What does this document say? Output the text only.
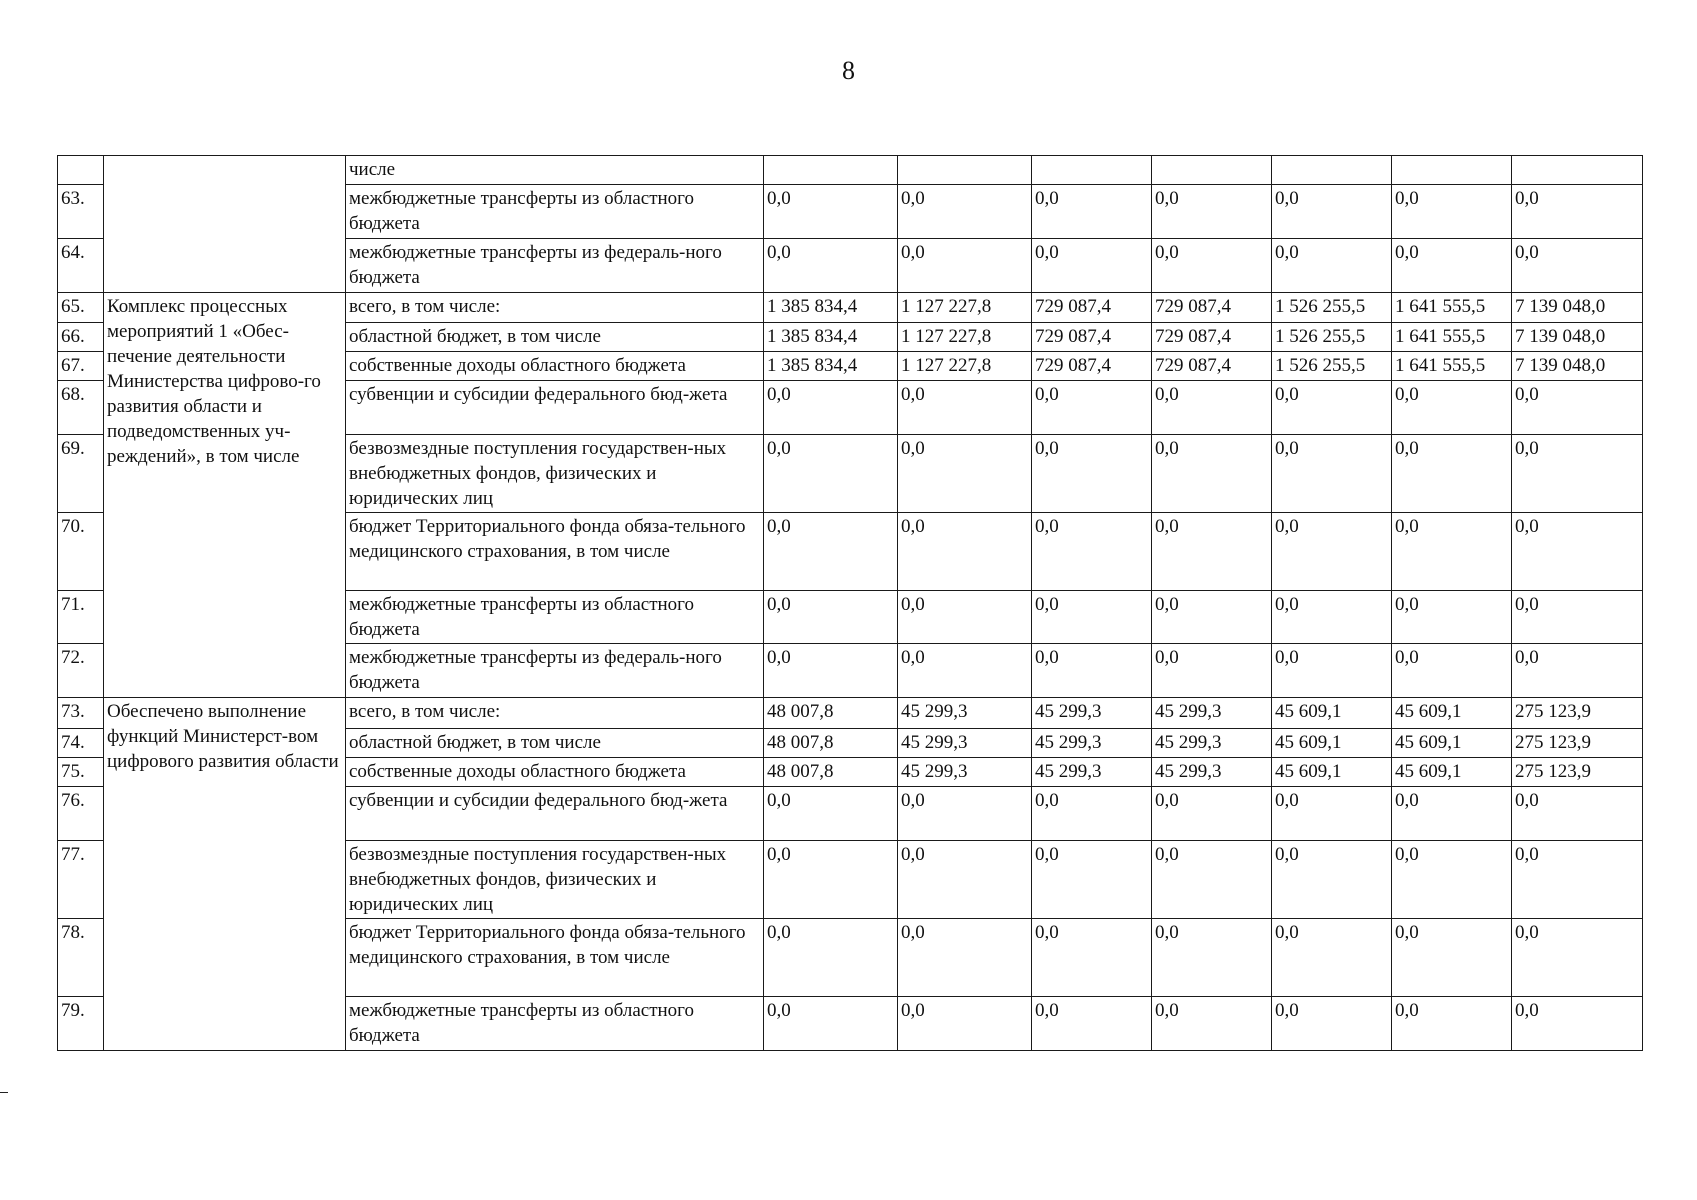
8
		числе							
63.		межбюджетные трансферты из областного бюджета	0,0	0,0	0,0	0,0	0,0	0,0	0,0
64.		межбюджетные трансферты из федераль-ного бюджета	0,0	0,0	0,0	0,0	0,0	0,0	0,0
65.	Комплекс процессных мероприятий 1 «Обес-печение деятельности Министерства цифрово-го развития области и подведомственных уч-реждений», в том числе	всего, в том числе:	1 385 834,4	1 127 227,8	729 087,4	729 087,4	1 526 255,5	1 641 555,5	7 139 048,0
66.		областной бюджет, в том числе	1 385 834,4	1 127 227,8	729 087,4	729 087,4	1 526 255,5	1 641 555,5	7 139 048,0
67.		собственные доходы областного бюджета	1 385 834,4	1 127 227,8	729 087,4	729 087,4	1 526 255,5	1 641 555,5	7 139 048,0
68.		субвенции и субсидии федерального бюд-жета	0,0	0,0	0,0	0,0	0,0	0,0	0,0
69.		безвозмездные поступления государствен-ных внебюджетных фондов, физических и юридических лиц	0,0	0,0	0,0	0,0	0,0	0,0	0,0
70.		бюджет Территориального фонда обяза-тельного медицинского страхования, в том числе	0,0	0,0	0,0	0,0	0,0	0,0	0,0
71.		межбюджетные трансферты из областного бюджета	0,0	0,0	0,0	0,0	0,0	0,0	0,0
72.		межбюджетные трансферты из федераль-ного бюджета	0,0	0,0	0,0	0,0	0,0	0,0	0,0
73.	Обеспечено выполнение функций Министерст-вом цифрового развития области	всего, в том числе:	48 007,8	45 299,3	45 299,3	45 299,3	45 609,1	45 609,1	275 123,9
74.		областной бюджет, в том числе	48 007,8	45 299,3	45 299,3	45 299,3	45 609,1	45 609,1	275 123,9
75.		собственные доходы областного бюджета	48 007,8	45 299,3	45 299,3	45 299,3	45 609,1	45 609,1	275 123,9
76.		субвенции и субсидии федерального бюд-жета	0,0	0,0	0,0	0,0	0,0	0,0	0,0
77.		безвозмездные поступления государствен-ных внебюджетных фондов, физических и юридических лиц	0,0	0,0	0,0	0,0	0,0	0,0	0,0
78.		бюджет Территориального фонда обяза-тельного медицинского страхования, в том числе	0,0	0,0	0,0	0,0	0,0	0,0	0,0
79.		межбюджетные трансферты из областного бюджета	0,0	0,0	0,0	0,0	0,0	0,0	0,0
